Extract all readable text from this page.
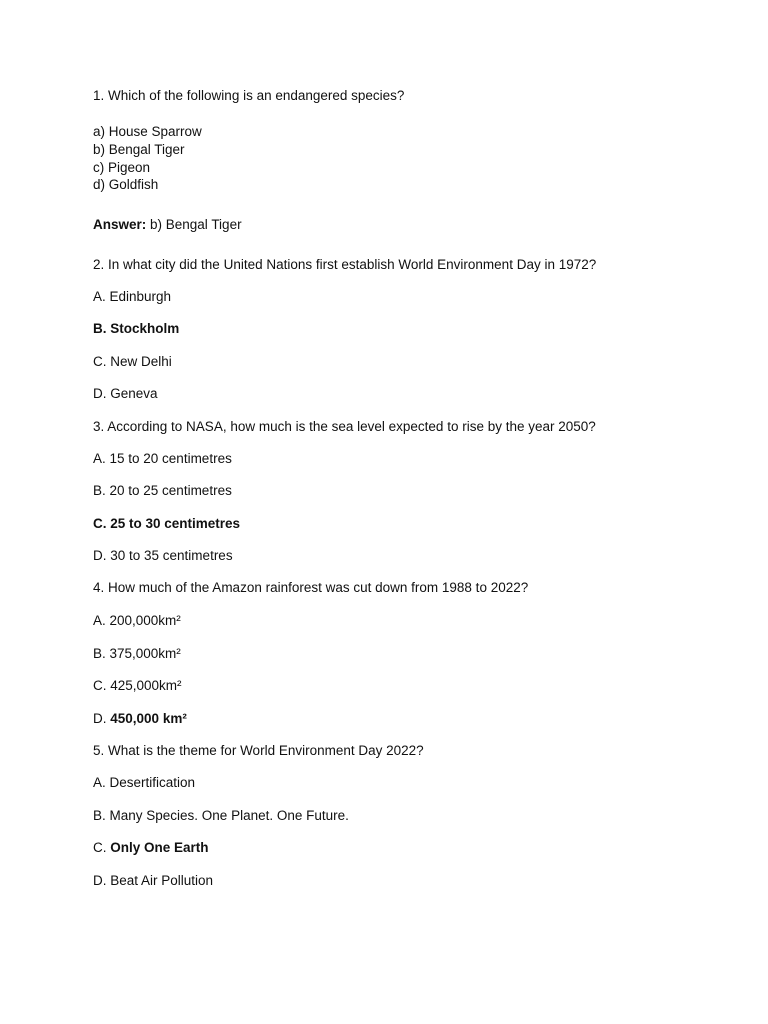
1. Which of the following is an endangered species?
a) House Sparrow
b) Bengal Tiger
c) Pigeon
d) Goldfish
Answer: b) Bengal Tiger
2. In what city did the United Nations first establish World Environment Day in 1972?
A. Edinburgh
B. Stockholm
C. New Delhi
D. Geneva
3. According to NASA, how much is the sea level expected to rise by the year 2050?
A. 15 to 20 centimetres
B. 20 to 25 centimetres
C. 25 to 30 centimetres
D. 30 to 35 centimetres
4. How much of the Amazon rainforest was cut down from 1988 to 2022?
A. 200,000km²
B. 375,000km²
C. 425,000km²
D. 450,000 km²
5. What is the theme for World Environment Day 2022?
A. Desertification
B. Many Species. One Planet. One Future.
C. Only One Earth
D. Beat Air Pollution
